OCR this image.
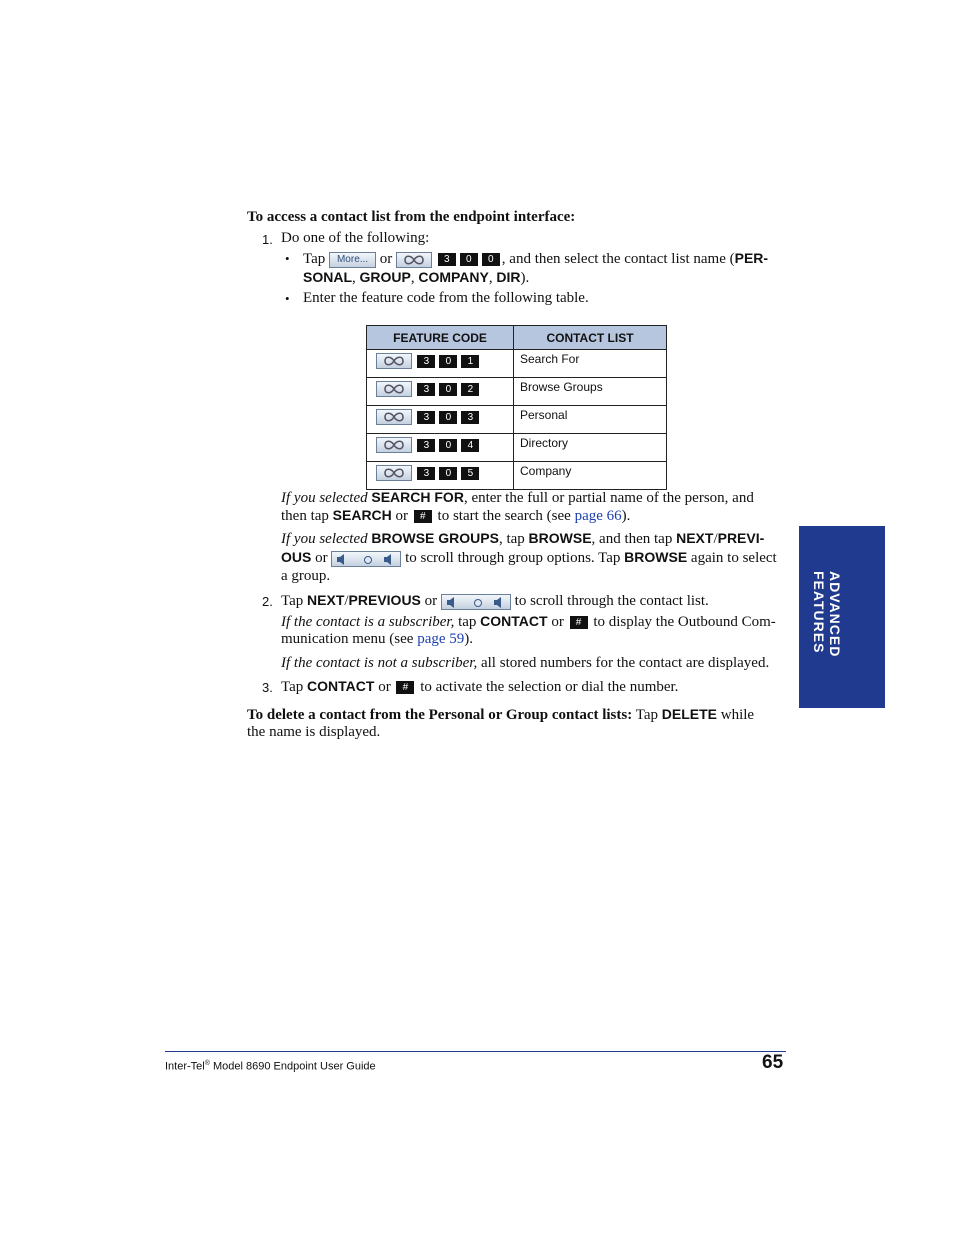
To access a contact list from the endpoint interface:
1. Do one of the following:
• Tap More... or	3 0 0 , and then select the contact list name (PER-
SONAL, GROUP, COMPANY, DIR).
• Enter the feature code from the following table.
FEATURE CODE	CONTACT LIST

3 0 1	Search For

3 0 2	Browse Groups

3 0 3	Personal

3 0 4	Directory

3 0 5	Company
If you selected SEARCH FOR, enter the full or partial name of the person, and
then tap SEARCH or # to start the search (see page 66).
If you selected BROWSE GROUPS, tap BROWSE, and then tap NEXT/PREVI-
OUS or	to scroll through group options. Tap BROWSE again to select
a group.
2. Tap NEXT/PREVIOUS or	to scroll through the contact list.
If the contact is a subscriber, tap CONTACT or # to display the Outbound Com-
munication menu (see page 59).
If the contact is not a subscriber, all stored numbers for the contact are displayed.
3. Tap CONTACT or # to activate the selection or dial the number.
To delete a contact from the Personal or Group contact lists: Tap DELETE while
the name is displayed.
ADVANCED
FEATURES
Inter-Tel® Model 8690 Endpoint User Guide	65
